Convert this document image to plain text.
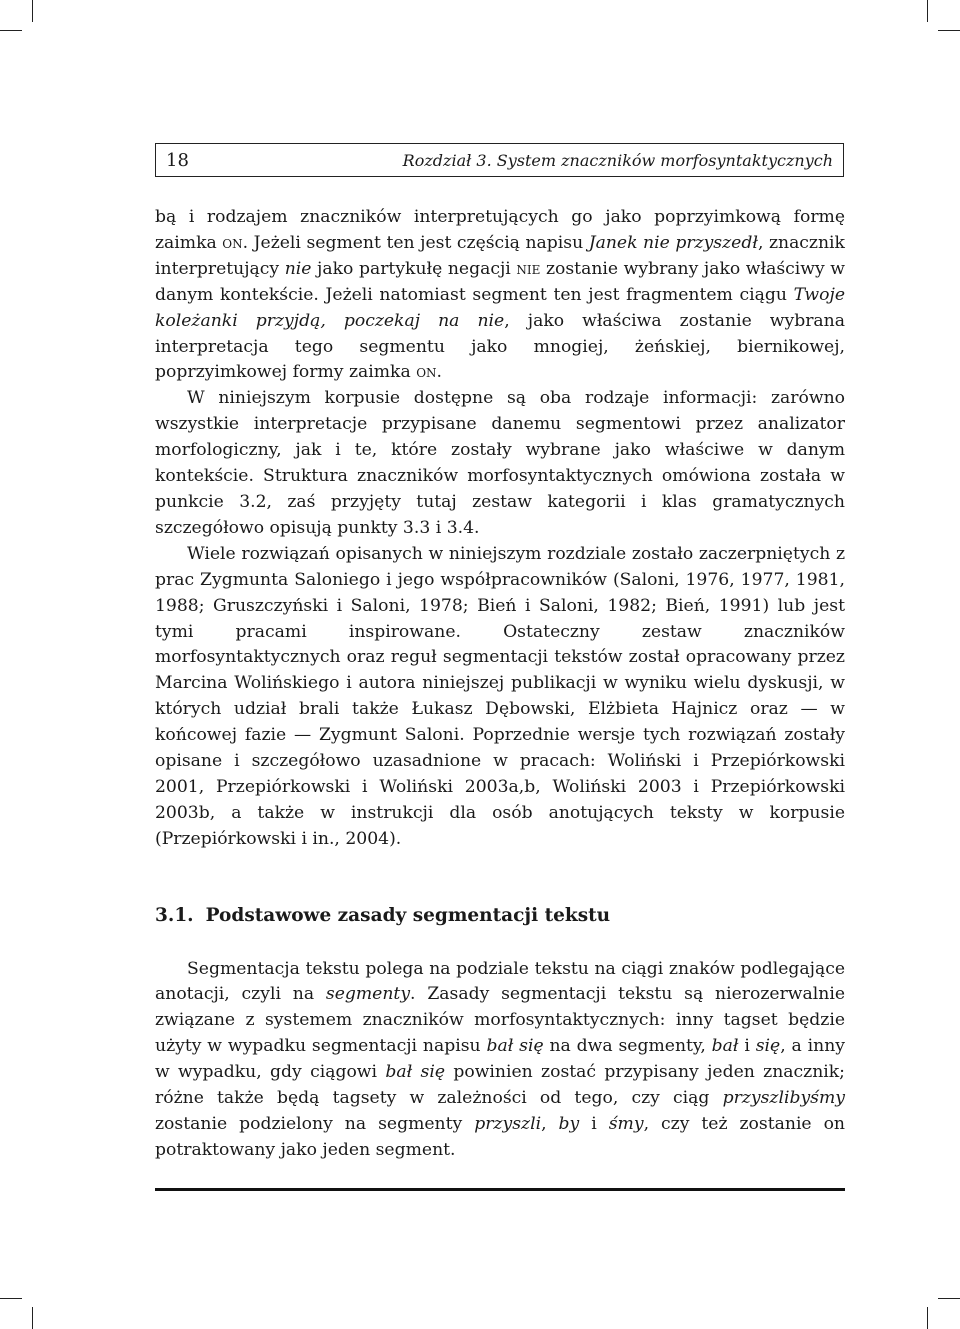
18	Rozdział 3. System znaczników morfosyntaktycznych

bą i rodzajem znaczników interpretujących go jako poprzyimkową formę zaimka on. Jeżeli segment ten jest częścią napisu Janek nie przyszedł, znacznik interpretujący nie jako partykułę negacji nie zostanie wybrany jako właściwy w danym kontekście. Jeżeli natomiast segment ten jest fragmentem ciągu Twoje koleżanki przyjdą, poczekaj na nie, jako właściwa zostanie wybrana interpretacja tego segmentu jako mnogiej, żeńskiej, biernikowej, poprzyimkowej formy zaimka on.

W niniejszym korpusie dostępne są oba rodzaje informacji: zarówno wszystkie interpretacje przypisane danemu segmentowi przez analizator morfologiczny, jak i te, które zostały wybrane jako właściwe w danym kontekście. Struktura znaczników morfosyntaktycznych omówiona została w punkcie 3.2, zaś przyjęty tutaj zestaw kategorii i klas gramatycznych szczegółowo opisują punkty 3.3 i 3.4.

Wiele rozwiązań opisanych w niniejszym rozdziale zostało zaczerpniętych z prac Zygmunta Saloniego i jego współpracowników (Saloni, 1976, 1977, 1981, 1988; Gruszczyński i Saloni, 1978; Bień i Saloni, 1982; Bień, 1991) lub jest tymi pracami inspirowane. Ostateczny zestaw znaczników morfosyntaktycznych oraz reguł segmentacji tekstów został opracowany przez Marcina Wolińskiego i autora niniejszej publikacji w wyniku wielu dyskusji, w których udział brali także Łukasz Dębowski, Elżbieta Hajnicz oraz — w końcowej fazie — Zygmunt Saloni. Poprzednie wersje tych rozwiązań zostały opisane i szczegółowo uzasadnione w pracach: Woliński i Przepiórkowski 2001, Przepiórkowski i Woliński 2003a,b, Woliński 2003 i Przepiórkowski 2003b, a także w instrukcji dla osób anotujących teksty w korpusie (Przepiórkowski i in., 2004).

3.1. Podstawowe zasady segmentacji tekstu

Segmentacja tekstu polega na podziale tekstu na ciągi znaków podlegające anotacji, czyli na segmenty. Zasady segmentacji tekstu są nierozerwalnie związane z systemem znaczników morfosyntaktycznych: inny tagset będzie użyty w wypadku segmentacji napisu bał się na dwa segmenty, bał i się, a inny w wypadku, gdy ciągowi bał się powinien zostać przypisany jeden znacznik; różne także będą tagsety w zależności od tego, czy ciąg przyszlibyśmy zostanie podzielony na segmenty przyszli, by i śmy, czy też zostanie on potraktowany jako jeden segment.
